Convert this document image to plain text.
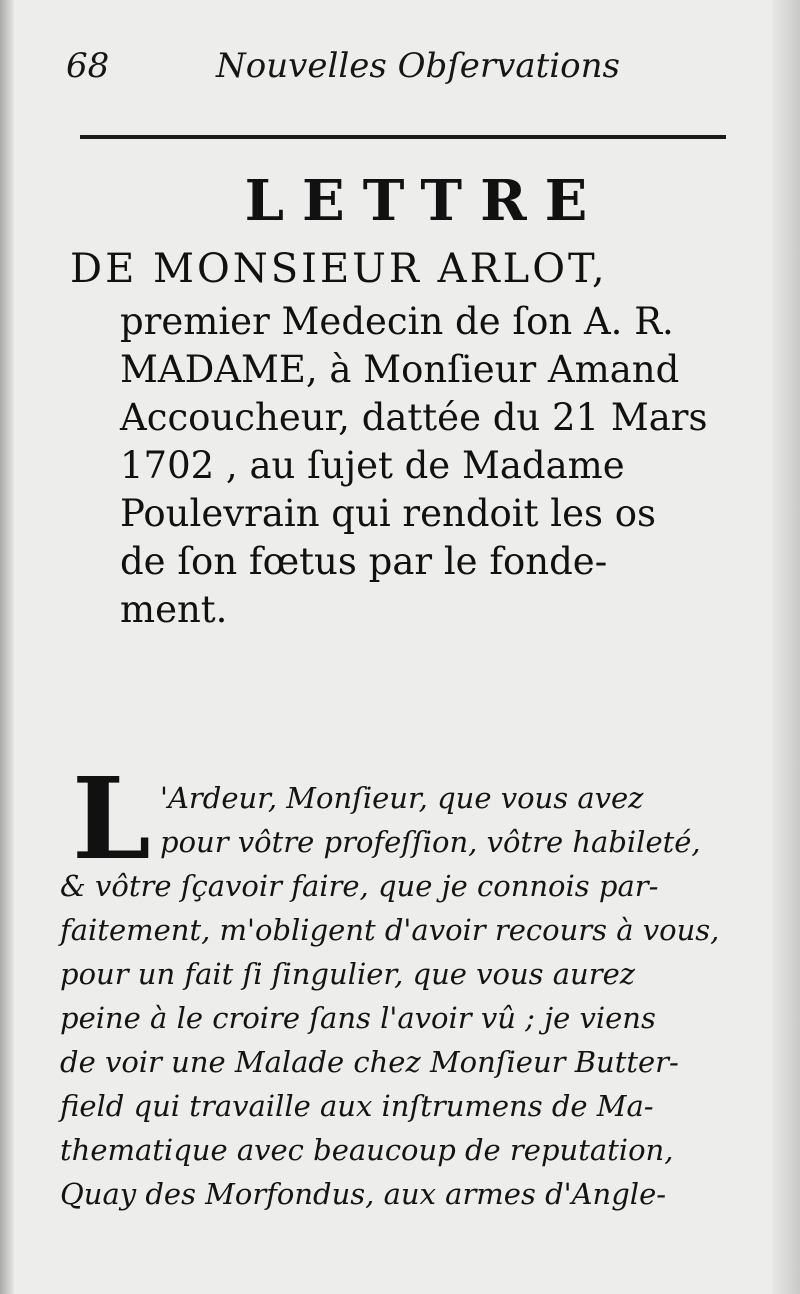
68	Nouvelles Obſervations

LETTRE

DE MONSIEUR ARLOT,

premier Medecin de ſon A. R.
MADAME, à Monſieur Amand
Accoucheur, dattée du 21 Mars
1702 , au ſujet de Madame
Poulevrain qui rendoit les os
de ſon fœtus par le fonde-
ment.
L 'Ardeur, Monſieur, que vous avez
pour vôtre profeſſion, vôtre habileté,
& vôtre ſçavoir faire, que je connois par-
faitement, m'obligent d'avoir recours à vous,
pour un fait ſi ſingulier, que vous aurez
peine à le croire ſans l'avoir vû ; je viens
de voir une Malade chez Monſieur Butter-
field qui travaille aux inſtrumens de Ma-
thematique avec beaucoup de reputation,
Quay des Morfondus, aux armes d'Angle-
